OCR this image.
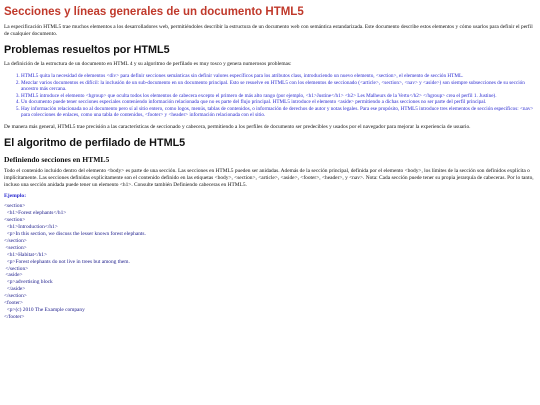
Secciones y líneas generales de un documento HTML5

La especificación HTML5 trae muchos elementos a los desarrolladores web, permitiéndoles describir la estructura de un documento web con semántica estandarizada. Este documento describe estos elementos y cómo usarlos para definir el perfil de cualquier documento.

Problemas resueltos por HTML5

La definición de la estructura de un documento en HTML 4 y su algoritmo de perfilado es muy tosco y genera numerosos problemas:

1. HTML5 quita la necesidad de elementos <div> para definir secciones semánticas sin definir valores específicos para los atributos class, introduciendo un nuevo elemento, <section>, el elemento de sección HTML.
2. Mezclar varios documentos es difícil: la inclusión de un sub-documento en un documento principal. Esto se resuelve en HTML5 con los elementos de seccionado (<article>, <section>, <nav> y <aside>) son siempre subsecciones de su sección ancestro más cercana.
3. HTML5 introduce el elemento <hgroup> que oculta todos los elementos de cabecera excepto el primero de más alto rango (por ejemplo, <h1>Justine</h1> <h2> Les Malheurs de la Vertu</h2> </hgroup> crea el perfil 1. Justine).
4. Un documento puede tener secciones especiales conteniendo información relacionada que no es parte del flujo principal. HTML5 introduce el elemento <aside> permitiendo a dichas secciones no ser parte del perfil principal.
5. Hay información relacionada no al documento pero sí al sitio entero, como logos, menús, tablas de contenidos, o información de derechos de autor y notas legales. Para ese propósito, HTML5 introduce tres elementos de sección específicos: <nav> para colecciones de enlaces, como una tabla de contenidos, <footer> y <header> información relacionada con el sitio.

De manera más general, HTML5 trae precisión a las características de seccionado y cabecera, permitiendo a los perfiles de documento ser predecibles y usados por el navegador para mejorar la experiencia de usuario.

El algoritmo de perfilado de HTML5
Definiendo secciones en HTML5

Todo el contenido incluido dentro del elemento <body> es parte de una sección. Las secciones en HTML5 pueden ser anidadas. Además de la sección principal, definida por el elemento <body>, los límites de la sección son definidos explícita o implícitamente. Las secciones definidas explícitamente son el contenido definido en las etiquetas <body>, <section>, <article>, <aside>, <footer>, <header>, y <nav>. Nota: Cada sección puede tener su propia jerarquía de cabeceras. Por lo tanto, incluso una sección anidada puede tener un elemento <h1>. Consulte también Definiendo cabeceras en HTML5.

Ejemplo:
<section>
<h1>Forest elephants</h1>
<section>
<h1>Introduction</h1>
<p>In this section, we discuss the lesser known forest elephants.
</section>
<section>
<h1>Habitat</h1>
<p>Forest elephants do not live in trees but among them.
</section>
<aside>
<p>advertising block
</aside>
</section>
<footer>
<p>(c) 2010 The Example company
</footer>
